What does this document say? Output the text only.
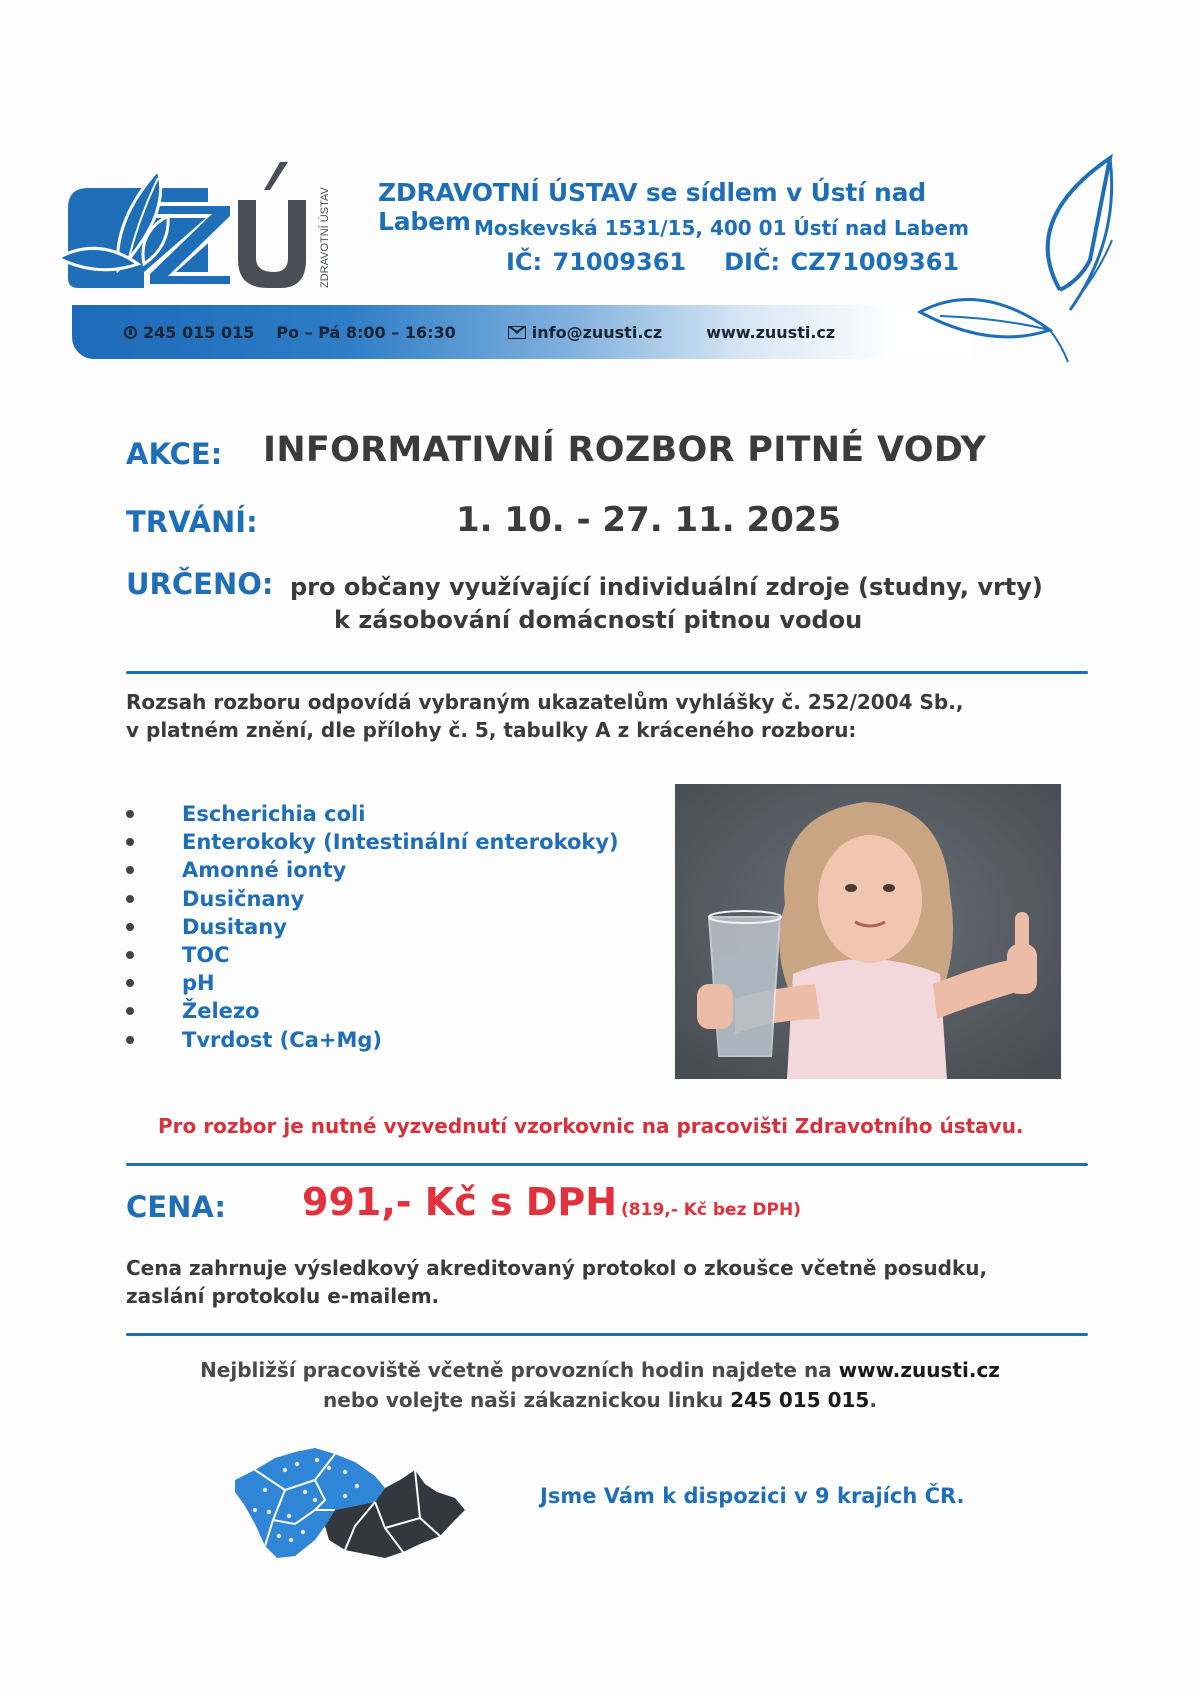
ZDRAVOTNÍ ÚSTAV ZDRAVOTNÍ ÚSTAV se sídlem v Ústí nad Labem Moskevská 1531/15, 400 01 Ústí nad Labem
IČ: 71009361 DIČ: CZ71009361
245 015 015 Po – Pá 8:00 – 16:30	info@zuusti.cz	www.zuusti.cz
AKCE: INFORMATIVNÍ ROZBOR PITNÉ VODY
TRVÁNÍ:	1. 10. - 27. 11. 2025
URČENO: pro občany využívající individuální zdroje (studny, vrty)
k zásobování domácností pitnou vodou
Rozsah rozboru odpovídá vybraným ukazatelům vyhlášky č. 252/2004 Sb.,
v platném znění, dle přílohy č. 5, tabulky A z kráceného rozboru:
Escherichia coli
Enterokoky (Intestinální enterokoky)
Amonné ionty
Dusičnany
Dusitany
TOC
pH
Železo
Tvrdost (Ca+Mg)
Pro rozbor je nutné vyzvednutí vzorkovnic na pracovišti Zdravotního ústavu.
CENA: 991,- Kč s DPH (819,- Kč bez DPH)
Cena zahrnuje výsledkový akreditovaný protokol o zkoušce včetně posudku,
zaslání protokolu e-mailem.
Nejbližší pracoviště včetně provozních hodin najdete na www.zuusti.cz
nebo volejte naši zákaznickou linku 245 015 015.
Jsme Vám k dispozici v 9 krajích ČR.
